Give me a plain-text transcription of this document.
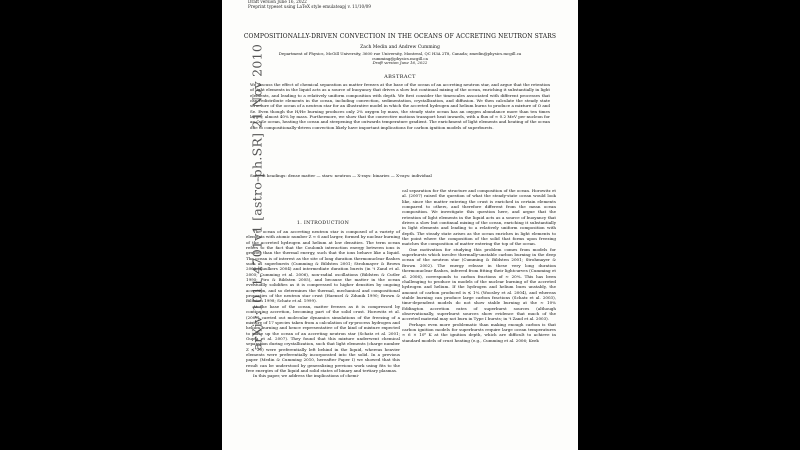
Draft version June 16, 2022
Preprint typeset using LaTeX style emulateapj v. 11/10/09
COMPOSITIONALLY-DRIVEN CONVECTION IN THE OCEANS OF ACCRETING NEUTRON STARS
Zach Medin and Andrew Cumming
Department of Physics, McGill University, 3600 rue University, Montreal, QC H3A 2T8, Canada; zmedin@physics.mcgill.ca
cumming@physics.mcgill.ca
Draft version June 16, 2022
ABSTRACT
We discuss the effect of chemical separation as matter freezes at the base of the ocean of an accreting neutron star, and argue that the retention of light elements in the liquid acts as a source of buoyancy that drives a slow but continual mixing of the ocean, enriching it substantially in light elements, and leading to a relatively uniform composition with depth. We first consider the timescales associated with different processes that can redistribute elements in the ocean, including convection, sedimentation, crystallization, and diffusion. We then calculate the steady state structure of the ocean of a neutron star for an illustrative model in which the accreted hydrogen and helium burns to produce a mixture of O and Se. Even though the H/He burning produces only 2% oxygen by mass, the steady state ocean has an oxygen abundance more than ten times larger, almost 40% by mass. Furthermore, we show that the convective motions transport heat inwards, with a flux of ≈ 0.2 MeV per nucleon for an O-Se ocean, heating the ocean and steepening the outwards temperature gradient. The enrichment of light elements and heating of the ocean due to compositionally-driven convection likely have important implications for carbon ignition models of superbursts.
Subject headings: dense matter — stars: neutron — X-rays: binaries — X-rays: individual
1. INTRODUCTION

The ocean of an accreting neutron star is composed of a variety of elements with atomic number Z ≈ 6 and larger, formed by nuclear burning of the accreted hydrogen and helium at low densities. The term ocean refers to the fact that the Coulomb interaction energy between ions is greater than the thermal energy, such that the ions behave like a liquid. The ocean is of interest as the site of long duration thermonuclear flashes such as superbursts (Cumming & Bildsten 2001; Strohmayer & Brown 2002; Kuulkers 2004) and intermediate duration bursts (in 't Zand et al. 2005; Cumming et al. 2006), non-radial oscillations (Bildsten & Cutler 1995; Piro & Bildsten 2005), and because the matter in the ocean eventually solidifies as it is compressed to higher densities by ongoing accretion, and so determines the thermal, mechanical and compositional properties of the neutron star crust (Haensel & Zdunik 1990; Brown & Bildsten 1998; Schatz et al. 1999).

At the base of the ocean, matter freezes as it is compressed by continuing accretion, becoming part of the solid crust. Horowitz et al. (2007) carried out molecular dynamics simulations of the freezing of a mixture of 17 species taken from a calculation of rp-process hydrogen and helium burning and hence representative of the kind of mixture expected to make up the ocean of an accreting neutron star (Schatz et al. 2001; Gupta et al. 2007). They found that this mixture underwent chemical separation during crystallization, such that light elements (charge number Z ≲ 20) were preferentially left behind in the liquid, whereas heavier elements were preferentially incorporated into the solid. In a previous paper (Medin & Cumming 2010, hereafter Paper I) we showed that this result can be understood by generalizing previous work using fits to the free energies of the liquid and solid states of binary and tertiary plasmas.

In this paper, we address the implications of chemi-

cal separation for the structure and composition of the ocean. Horowitz et al. (2007) raised the question of what the steady-state ocean would look like, since the matter entering the crust is enriched in certain elements compared to others, and therefore different from the mean ocean composition. We investigate this question here, and argue that the retention of light elements in the liquid acts as a source of buoyancy that drives a slow but continual mixing of the ocean, enriching it substantially in light elements and leading to a relatively uniform composition with depth. The steady state arises as the ocean enriches in light elements to the point where the composition of the solid that forms upon freezing matches the composition of matter entering the top of the ocean.

One motivation for studying this problem comes from models for superbursts which involve thermally-unstable carbon burning in the deep ocean of the neutron star (Cumming & Bildsten 2001; Strohmayer & Brown 2002). The energy release in these very long duration thermonuclear flashes, inferred from fitting their lightcurves (Cumming et al. 2006), corresponds to carbon fractions of ≈ 20%. This has been challenging to produce in models of the nuclear burning of the accreted hydrogen and helium. If the hydrogen and helium burn unstably, the amount of carbon produced is ≲ 1% (Woosley et al. 2004), and whereas stable burning can produce large carbon fractions (Schatz et al. 2003), time-dependent models do not show stable burning at the ≈ 10% Eddington accretion rates of superburst sources (although observationally, superburst sources show evidence that much of the accreted material may not burn in Type I bursts; in 't Zand et al. 2003).

Perhaps even more problematic than making enough carbon is that carbon ignition models for superbursts require large ocean temperatures ≈ 6 × 10⁸ K at the ignition depth, which are difficult to achieve in standard models of crust heating (e.g., Cumming et al. 2006; Keek

arXiv:1011.4701v1 [astro-ph.SR] 21 Nov 2010
